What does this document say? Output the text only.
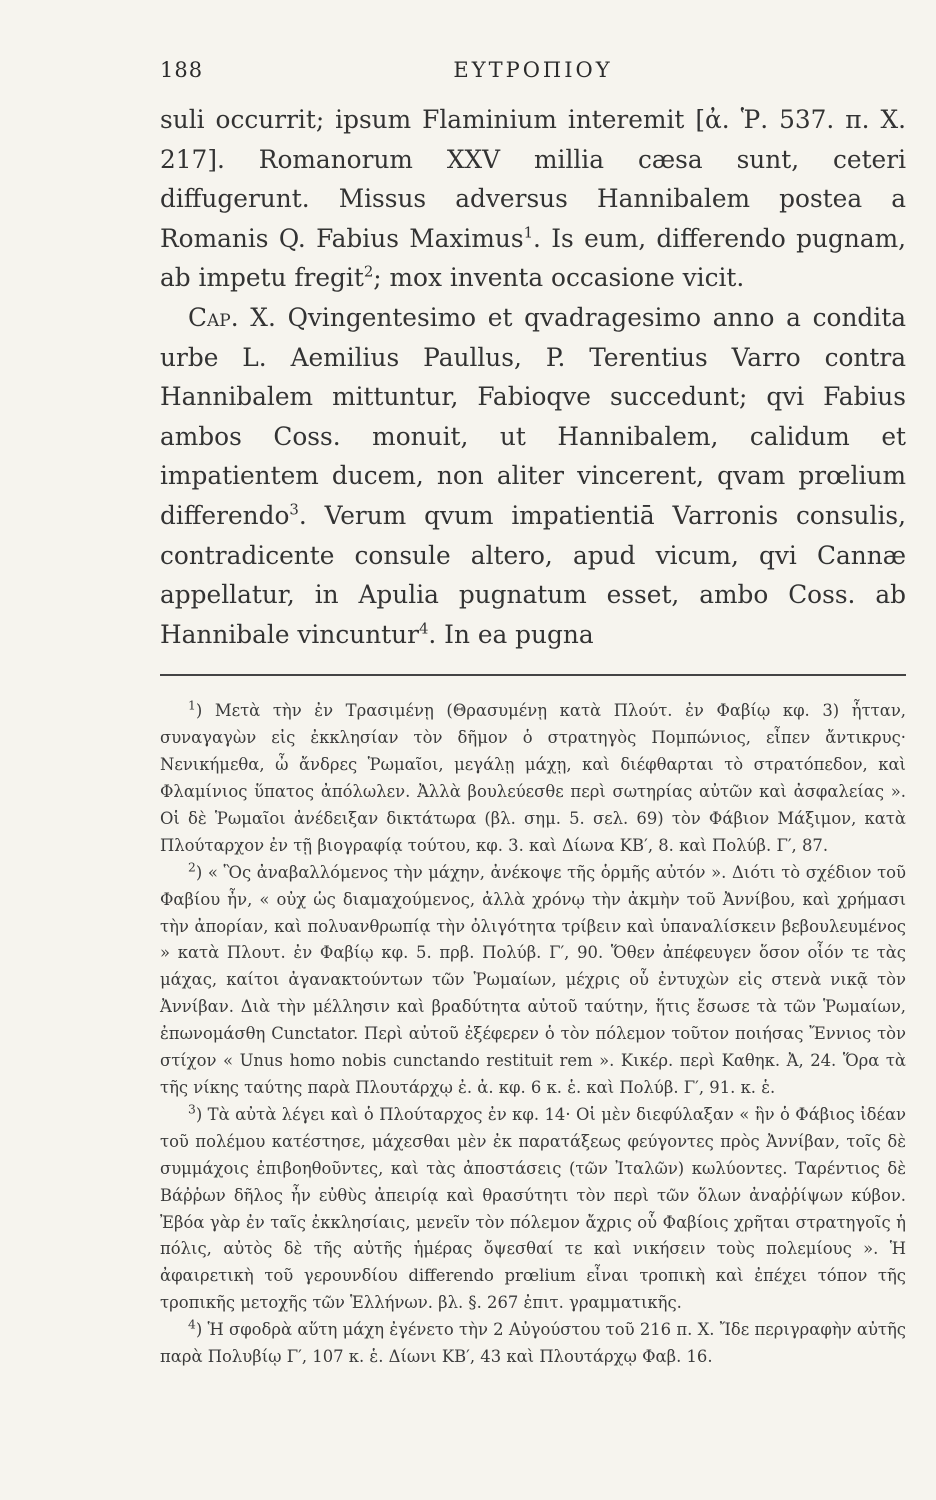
188	ΕΥΤΡΟΠΙΟΥ

suli occurrit; ipsum Flaminium interemit [ἀ. Ῥ. 537. π. Χ. 217]. Romanorum XXV millia cæsa sunt, ceteri diffugerunt. Missus adversus Hannibalem postea a Romanis Q. Fabius Maximus$^1$. Is eum, differendo pugnam, ab impetu fregit$^2$; mox inventa occasione vicit.

Cap. X. Qvingentesimo et qvadragesimo anno a condita urbe L. Aemilius Paullus, P. Terentius Varro contra Hannibalem mittuntur, Fabioqve succedunt; qvi Fabius ambos Coss. monuit, ut Hannibalem, calidum et impatientem ducem, non aliter vincerent, qvam prœlium differendo$^3$. Verum qvum impatientiā Varronis consulis, contradicente consule altero, apud vicum, qvi Cannæ appellatur, in Apulia pugnatum esset, ambo Coss. ab Hannibale vincuntur$^4$. In ea pugna

$^1$) Μετὰ τὴν ἐν Τρασιμένῃ (Θρασυμένῃ κατὰ Πλούτ. ἐν Φαβίῳ κφ. 3) ἧτταν, συναγαγὼν εἰς ἐκκλησίαν τὸν δῆμον ὁ στρατηγὸς Πομπώνιος, εἶπεν ἄντικρυς· Νενικήμεθα, ὦ ἄνδρες Ῥωμαῖοι, μεγάλῃ μάχῃ, καὶ διέφθαρται τὸ στρατόπεδον, καὶ Φλαμίνιος ὕπατος ἀπόλωλεν. Ἀλλὰ βουλεύεσθε περὶ σωτηρίας αὐτῶν καὶ ἀσφαλείας ». Οἱ δὲ Ῥωμαῖοι ἀνέδειξαν δικτάτωρα (βλ. σημ. 5. σελ. 69) τὸν Φάβιον Μάξιμον, κατὰ Πλούταρχον ἐν τῇ βιογραφίᾳ τούτου, κφ. 3. καὶ Δίωνα ΚΒ′, 8. καὶ Πολύβ. Γ′, 87.

$^2$) « Ὃς ἀναβαλλόμενος τὴν μάχην, ἀνέκοψε τῆς ὁρμῆς αὐτόν ». Διότι τὸ σχέδιον τοῦ Φαβίου ἦν, « οὐχ ὡς διαμαχούμενος, ἀλλὰ χρόνῳ τὴν ἀκμὴν τοῦ Ἀννίβου, καὶ χρήμασι τὴν ἀπορίαν, καὶ πολυανθρωπίᾳ τὴν ὀλιγότητα τρίβειν καὶ ὑπαναλίσκειν βεβουλευμένος » κατὰ Πλουτ. ἐν Φαβίῳ κφ. 5. πρβ. Πολύβ. Γ′, 90. Ὅθεν ἀπέφευγεν ὅσον οἷόν τε τὰς μάχας, καίτοι ἀγανακτούντων τῶν Ῥωμαίων, μέχρις οὗ ἐντυχὼν εἰς στενὰ νικᾷ τὸν Ἀννίβαν. Διὰ τὴν μέλλησιν καὶ βραδύτητα αὐτοῦ ταύτην, ἥτις ἔσωσε τὰ τῶν Ῥωμαίων, ἐπωνομάσθη Cunctator. Περὶ αὐτοῦ ἐξέφερεν ὁ τὸν πόλεμον τοῦτον ποιήσας Ἔννιος τὸν στίχον « Unus homo nobis cunctando restituit rem ». Κικέρ. περὶ Καθηκ. Ἀ, 24. Ὅρα τὰ τῆς νίκης ταύτης παρὰ Πλουτάρχῳ ἐ. ἀ. κφ. 6 κ. ἑ. καὶ Πολύβ. Γ′, 91. κ. ἑ.

$^3$) Τὰ αὐτὰ λέγει καὶ ὁ Πλούταρχος ἐν κφ. 14· Οἱ μὲν διεφύλαξαν « ἣν ὁ Φάβιος ἰδέαν τοῦ πολέμου κατέστησε, μάχεσθαι μὲν ἐκ παρατάξεως φεύγοντες πρὸς Ἀννίβαν, τοῖς δὲ συμμάχοις ἐπιβοηθοῦντες, καὶ τὰς ἀποστάσεις (τῶν Ἰταλῶν) κωλύοντες. Ταρέντιος δὲ Βάῤῥων δῆλος ἦν εὐθὺς ἀπειρίᾳ καὶ θρασύτητι τὸν περὶ τῶν ὅλων ἀναῤῥίψων κύβον. Ἐβόα γὰρ ἐν ταῖς ἐκκλησίαις, μενεῖν τὸν πόλεμον ἄχρις οὗ Φαβίοις χρῆται στρατηγοῖς ἡ πόλις, αὐτὸς δὲ τῆς αὐτῆς ἡμέρας ὄψεσθαί τε καὶ νικήσειν τοὺς πολεμίους ». Ἡ ἀφαιρετικὴ τοῦ γερουνδίου differendo prœlium εἶναι τροπικὴ καὶ ἐπέχει τόπον τῆς τροπικῆς μετοχῆς τῶν Ἑλλήνων. βλ. §. 267 ἐπιτ. γραμματικῆς.

$^4$) Ἡ σφοδρὰ αὕτη μάχη ἐγένετο τὴν 2 Αὐγούστου τοῦ 216 π. Χ. Ἴδε περιγραφὴν αὐτῆς παρὰ Πολυβίῳ Γ′, 107 κ. ἑ. Δίωνι ΚΒ′, 43 καὶ Πλουτάρχῳ Φαβ. 16.
